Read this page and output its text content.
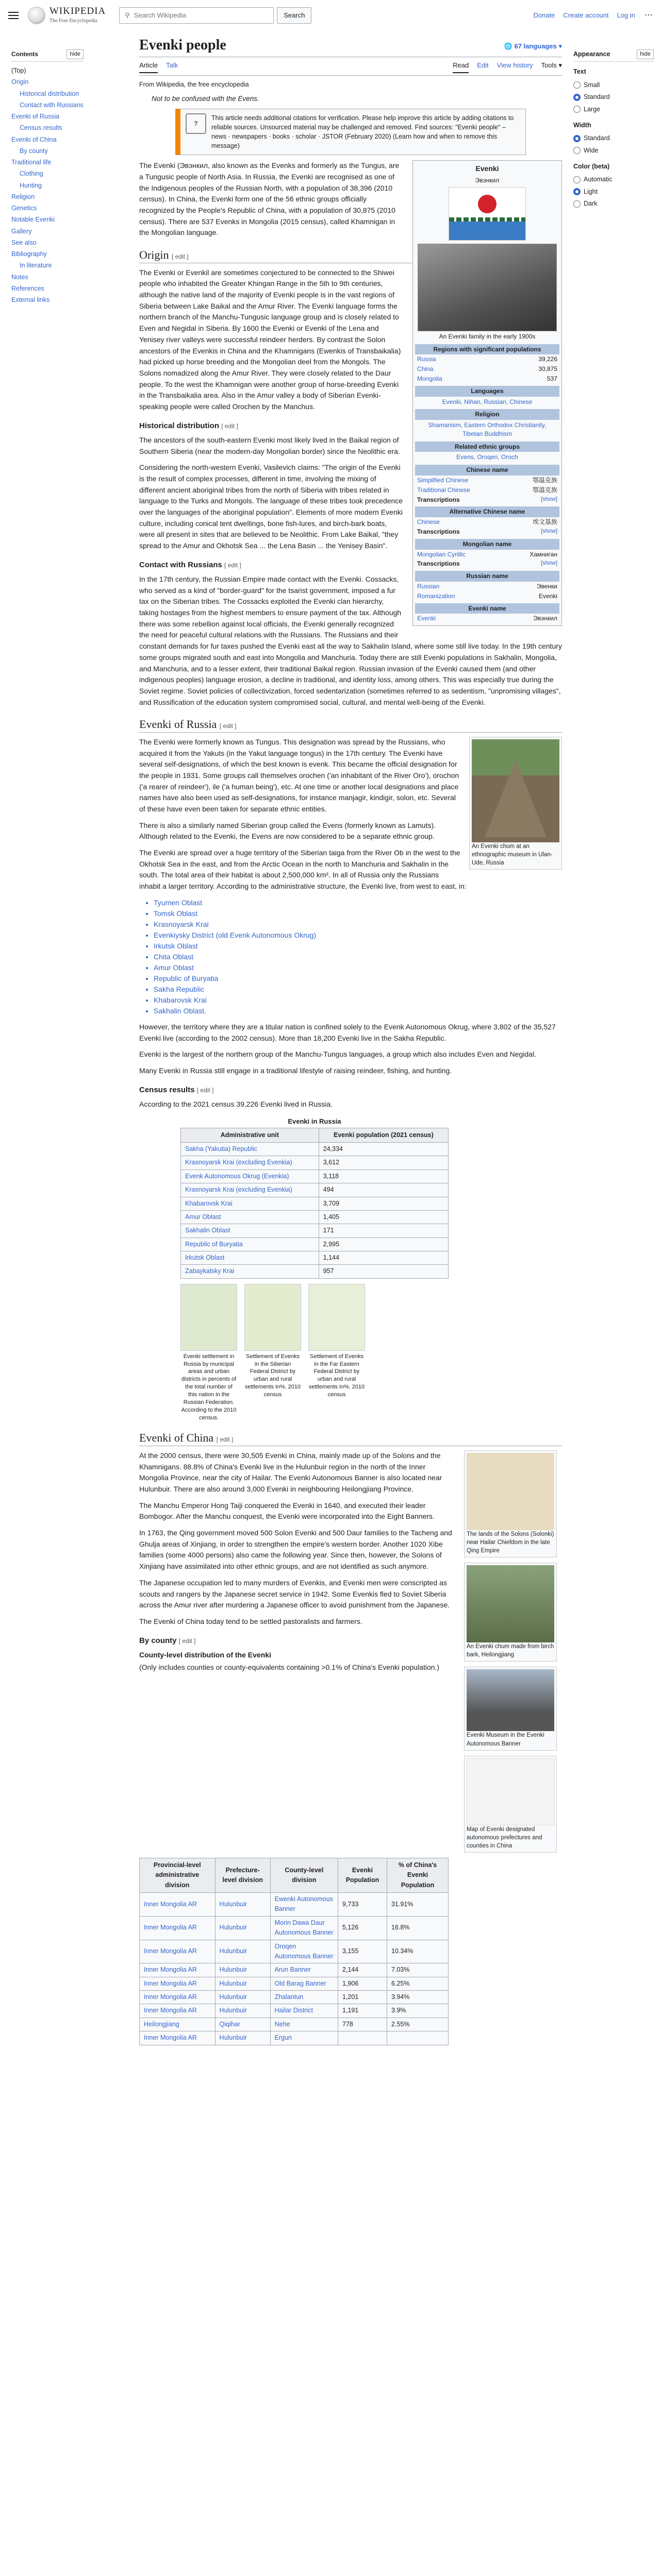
WIKIPEDIA
The Free Encyclopedia
⚲ Search Wikipedia	Search	Donate Create account Log in ⋯
Contents	hide
(Top)
Origin
Historical distribution
Contact with Russians
Evenki of Russia
Census results
Evenki of China
By county
Traditional life
Clothing
Hunting
Religion
Genetics
Notable Evenki
Gallery
See also
Bibliography
In literature
Notes
References
External links
Appearance	hide
Text
Small
Standard
Large
Width
Standard
Wide
Color (beta)
Automatic
Light
Dark
Evenki people	🌐 67 languages ▾
Article Talk	Read Edit View history Tools ▾
From Wikipedia, the free encyclopedia
Not to be confused with the Evens.
?
This article needs additional citations for verification. Please help improve this article by adding citations to reliable sources. Unsourced material may be challenged and removed. Find sources: "Evenki people" – news · newspapers · books · scholar · JSTOR (February 2020) (Learn how and when to remove this message)
Evenki
Эвэнкил
An Evenki family in the early 1900s
Regions with significant populations
Russia	39,226
China	30,875
Mongolia	537
Languages
Evenki, Nihan, Russian, Chinese
Religion
Shamanism, Eastern Orthodox Christianity, Tibetan Buddhism
Related ethnic groups
Evens, Oroqen, Oroch
Chinese name
Simplified Chinese	鄂温克族
Traditional Chinese	鄂溫克族
Transcriptions	[show]
Alternative Chinese name
Chinese	埃文基族
Transcriptions	[show]
Mongolian name
Mongolian Cyrillic	Хамниган
Transcriptions	[show]
Russian name
Russian	Эвенки
Romanization	Evenki
Evenki name
Evenki	Эвэнкил

The Evenki (Эвэнкил, also known as the Evenks and formerly as the Tungus, are a Tungusic people of North Asia. In Russia, the Evenki are recognised as one of the Indigenous peoples of the Russian North, with a population of 38,396 (2010 census). In China, the Evenki form one of the 56 ethnic groups officially recognized by the People's Republic of China, with a population of 30,875 (2010 census). There are 537 Evenks in Mongolia (2015 census), called Khamnigan in the Mongolian language.

Origin [ edit ]

The Evenki or Evenkil are sometimes conjectured to be connected to the Shiwei people who inhabited the Greater Khingan Range in the 5th to 9th centuries, although the native land of the majority of Evenki people is in the vast regions of Siberia between Lake Baikal and the Amur River. The Evenki language forms the northern branch of the Manchu-Tungusic language group and is closely related to Even and Negidal in Siberia. By 1600 the Evenki or Evenki of the Lena and Yenisey river valleys were successful reindeer herders. By contrast the Solon ancestors of the Evenkis in China and the Khamnigans (Ewenkis of Transbaikalia) had picked up horse breeding and the Mongolian deel from the Mongols. The Solons nomadized along the Amur River. They were closely related to the Daur people. To the west the Khamnigan were another group of horse-breeding Evenki in the Transbaikalia area. Also in the Amur valley a body of Siberian Evenki-speaking people were called Orochen by the Manchus.

Historical distribution [ edit ]

The ancestors of the south-eastern Evenki most likely lived in the Baikal region of Southern Siberia (near the modern-day Mongolian border) since the Neolithic era.

Considering the north-western Evenki, Vasilevich claims: "The origin of the Evenki is the result of complex processes, different in time, involving the mixing of different ancient aboriginal tribes from the north of Siberia with tribes related in language to the Turks and Mongols. The language of these tribes took precedence over the languages of the aboriginal population". Elements of more modern Evenki culture, including conical tent dwellings, bone fish-lures, and birch-bark boats, were all present in sites that are believed to be Neolithic. From Lake Baikal, "they spread to the Amur and Okhotsk Sea ... the Lena Basin ... the Yenisey Basin".

Contact with Russians [ edit ]

In the 17th century, the Russian Empire made contact with the Evenki. Cossacks, who served as a kind of "border-guard" for the tsarist government, imposed a fur tax on the Siberian tribes. The Cossacks exploited the Evenki clan hierarchy, taking hostages from the highest members to ensure payment of the tax. Although there was some rebellion against local officials, the Evenki generally recognized the need for peaceful cultural relations with the Russians. The Russians and their constant demands for fur taxes pushed the Evenki east all the way to Sakhalin Island, where some still live today. In the 19th century some groups migrated south and east into Mongolia and Manchuria. Today there are still Evenki populations in Sakhalin, Mongolia, and Manchuria, and to a lesser extent, their traditional Baikal region. Russian invasion of the Evenki caused them (and other indigenous peoples) language erosion, a decline in traditional, and identity loss, among others. This was especially true during the Soviet regime. Soviet policies of collectivization, forced sedentarization (sometimes referred to as sedentism, "unpromising villages", and Russification of the education system compromised social, cultural, and mental well-being of the Evenki.

Evenki of Russia [ edit ]
An Evenki chum at an ethnographic museum in Ulan-Ude, Russia

The Evenki were formerly known as Tungus. This designation was spread by the Russians, who acquired it from the Yakuts (in the Yakut language tongus) in the 17th century. The Evenki have several self-designations, of which the best known is evenk. This became the official designation for the people in 1931. Some groups call themselves orochen ('an inhabitant of the River Oro'), orochon ('a rearer of reindeer'), ile ('a human being'), etc. At one time or another local designations and place names have also been used as self-designations, for instance manjagir, kindigir, solon, etc. Several of these have even been taken for separate ethnic entities.

There is also a similarly named Siberian group called the Evens (formerly known as Lamuts). Although related to the Evenki, the Evens are now considered to be a separate ethnic group.

The Evenki are spread over a huge territory of the Siberian taiga from the River Ob in the west to the Okhotsk Sea in the east, and from the Arctic Ocean in the north to Manchuria and Sakhalin in the south. The total area of their habitat is about 2,500,000 km². In all of Russia only the Russians inhabit a larger territory. According to the administrative structure, the Evenki live, from west to east, in:

• Tyumen Oblast
• Tomsk Oblast
• Krasnoyarsk Krai
• Evenkiysky District (old Evenk Autonomous Okrug)
• Irkutsk Oblast
• Chita Oblast
• Amur Oblast
• Republic of Buryatia
• Sakha Republic
• Khabarovsk Krai
• Sakhalin Oblast.

However, the territory where they are a titular nation is confined solely to the Evenk Autonomous Okrug, where 3,802 of the 35,527 Evenki live (according to the 2002 census). More than 18,200 Evenki live in the Sakha Republic.

Evenki is the largest of the northern group of the Manchu-Tungus languages, a group which also includes Even and Negidal.

Many Evenki in Russia still engage in a traditional lifestyle of raising reindeer, fishing, and hunting.

Census results [ edit ]

According to the 2021 census 39,226 Evenki lived in Russia.

Evenki in Russia
Administrative unit	Evenki population (2021 census)
Sakha (Yakutia) Republic	24,334
Krasnoyarsk Krai (excluding Evenkia)	3,612
Evenk Autonomous Okrug (Evenkia)	3,118
Krasnoyarsk Krai (excluding Evenkia)	494
Khabarovsk Krai	3,709
Amur Oblast	1,405
Sakhalin Oblast	171
Republic of Buryatia	2,995
Irkutsk Oblast	1,144
Zabaykalsky Krai	957
Evenki settlement in Russia by municipal areas and urban districts in percents of the total number of this nation in the Russian Federation. According to the 2010 census.
Settlement of Evenks in the Siberian Federal District by urban and rural settlements in%, 2010 census
Settlement of Evenks in the Far Eastern Federal District by urban and rural settlements in%, 2010 census
Evenki of China [ edit ]
The lands of the Solons (Solonki) near Hailar Chiefdom in the late Qing Empire
An Evenki chum made from birch bark, Heilongjiang
Evenki Museum in the Evenki Autonomous Banner
Map of Evenki designated autonomous prefectures and counties in China

At the 2000 census, there were 30,505 Evenki in China, mainly made up of the Solons and the Khamnigans. 88.8% of China's Evenki live in the Hulunbuir region in the north of the Inner Mongolia Province, near the city of Hailar. The Evenki Autonomous Banner is also located near Hulunbuir. There are also around 3,000 Evenki in neighbouring Heilongjiang Province.

The Manchu Emperor Hong Taiji conquered the Evenki in 1640, and executed their leader Bombogor. After the Manchu conquest, the Evenki were incorporated into the Eight Banners.

In 1763, the Qing government moved 500 Solon Evenki and 500 Daur families to the Tacheng and Ghulja areas of Xinjiang, in order to strengthen the empire's western border. Another 1020 Xibe families (some 4000 persons) also came the following year. Since then, however, the Solons of Xinjiang have assimilated into other ethnic groups, and are not identified as such anymore.

The Japanese occupation led to many murders of Evenkis, and Evenki men were conscripted as scouts and rangers by the Japanese secret service in 1942. Some Evenkis fled to Soviet Siberia across the Amur river after murdering a Japanese officer to avoid punishment from the Japanese.

The Evenki of China today tend to be settled pastoralists and farmers.

By county [ edit ]

County-level distribution of the Evenki

(Only includes counties or county-equivalents containing >0.1% of China's Evenki population.)

Provincial-level administrative division	Prefecture-level division	County-level division	Evenki Population	% of China's Evenki Population
Inner Mongolia AR	Hulunbuir	Ewenki Autonomous Banner	9,733	31.91%
Inner Mongolia AR	Hulunbuir	Morin Dawa Daur Autonomous Banner	5,126	16.8%
Inner Mongolia AR	Hulunbuir	Oroqen Autonomous Banner	3,155	10.34%
Inner Mongolia AR	Hulunbuir	Arun Banner	2,144	7.03%
Inner Mongolia AR	Hulunbuir	Old Barag Banner	1,906	6.25%
Inner Mongolia AR	Hulunbuir	Zhalantun	1,201	3.94%
Inner Mongolia AR	Hulunbuir	Hailar District	1,191	3.9%
Heilongjiang	Qiqihar	Nehe	778	2.55%
Inner Mongolia AR	Hulunbuir	Ergun		
